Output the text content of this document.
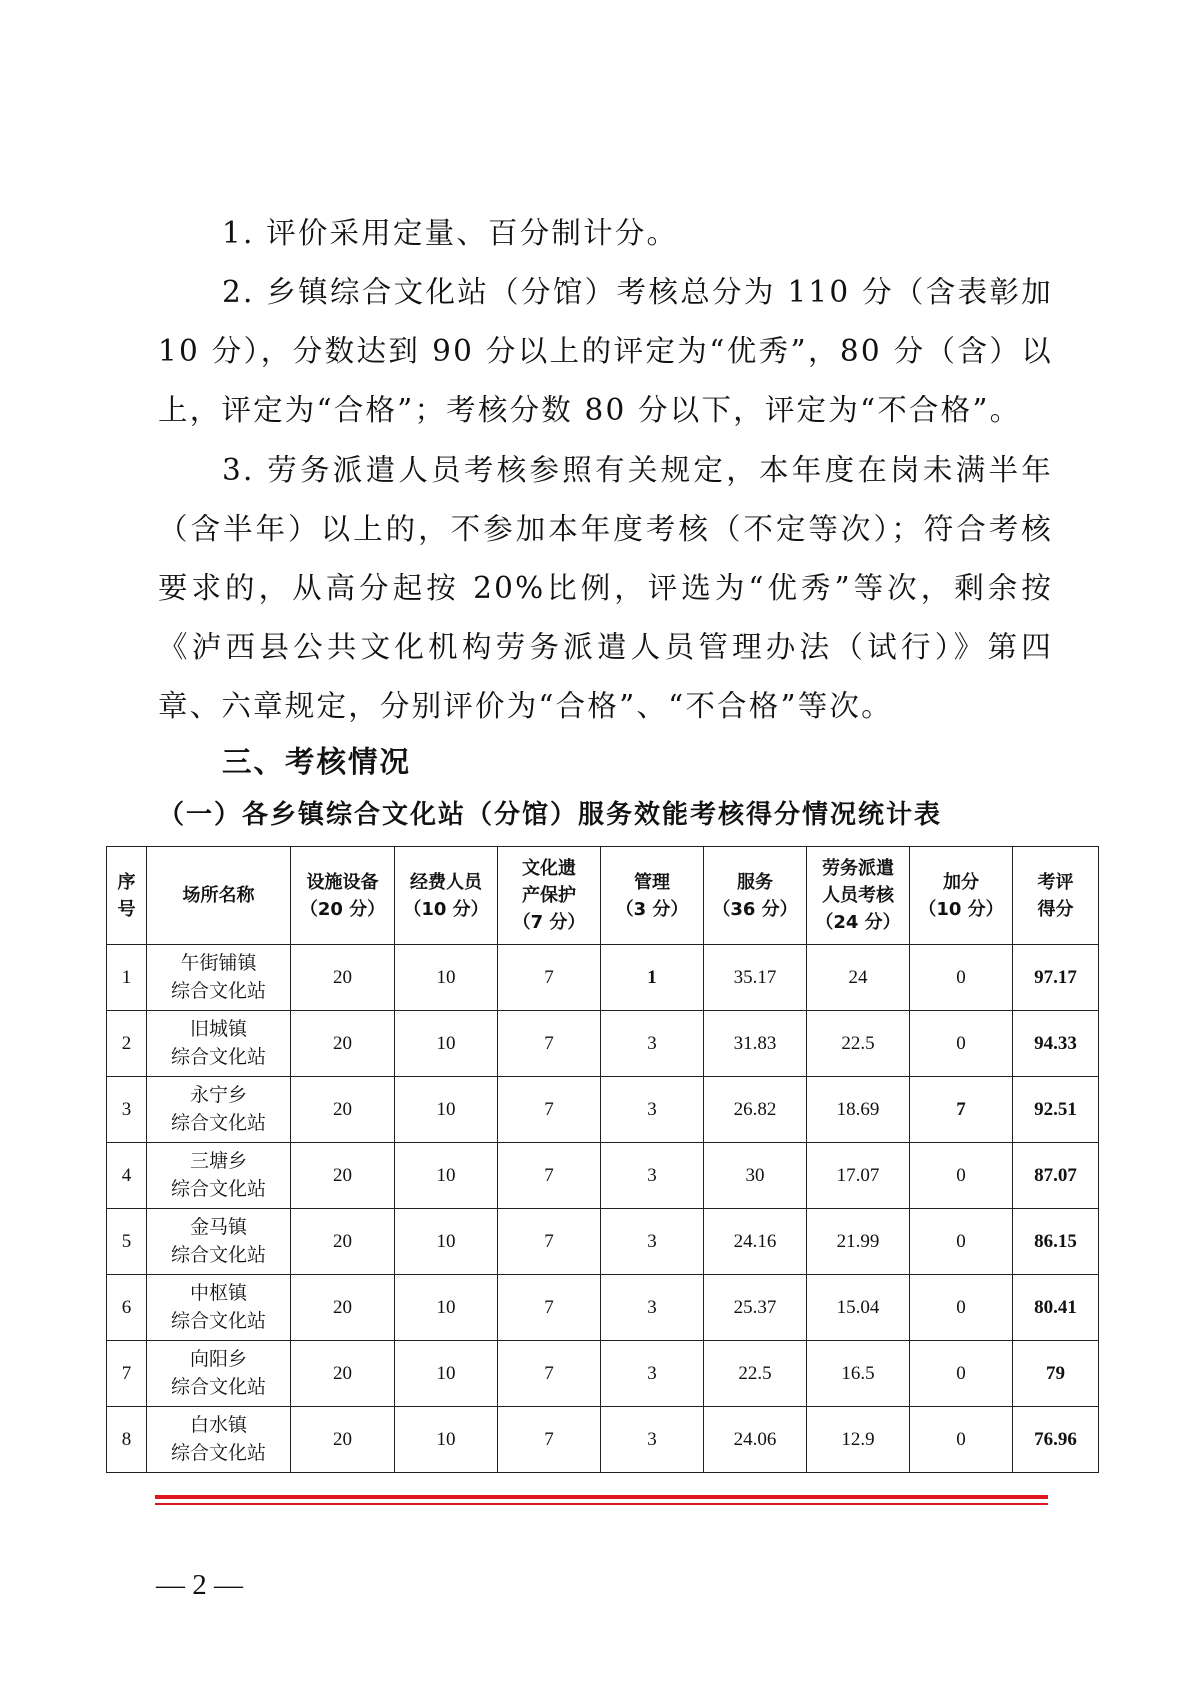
1. 评价采用定量、百分制计分。

2. 乡镇综合文化站（分馆）考核总分为 110 分（含表彰加 10 分），分数达到 90 分以上的评定为“优秀”，80 分（含）以上，评定为“合格”；考核分数 80 分以下，评定为“不合格”。

3. 劳务派遣人员考核参照有关规定，本年度在岗未满半年（含半年）以上的，不参加本年度考核（不定等次）；符合考核要求的，从高分起按 20%比例，评选为“优秀”等次，剩余按《泸西县公共文化机构劳务派遣人员管理办法（试行）》第四章、六章规定，分别评价为“合格”、“不合格”等次。

三、考核情况
（一）各乡镇综合文化站（分馆）服务效能考核得分情况统计表
序
号	场所名称	设施设备
（20 分）	经费人员
（10 分）	文化遗
产保护
（7 分）	管理
（3 分）	服务
（36 分）	劳务派遣
人员考核
（24 分）	加分
（10 分）	考评
得分

1	午街铺镇
综合文化站	20	10	7	1	35.17	24	0	97.17
2	旧城镇
综合文化站	20	10	7	3	31.83	22.5	0	94.33
3	永宁乡
综合文化站	20	10	7	3	26.82	18.69	7	92.51
4	三塘乡
综合文化站	20	10	7	3	30	17.07	0	87.07
5	金马镇
综合文化站	20	10	7	3	24.16	21.99	0	86.15
6	中枢镇
综合文化站	20	10	7	3	25.37	15.04	0	80.41
7	向阳乡
综合文化站	20	10	7	3	22.5	16.5	0	79
8	白水镇
综合文化站	20	10	7	3	24.06	12.9	0	76.96

— 2 —
